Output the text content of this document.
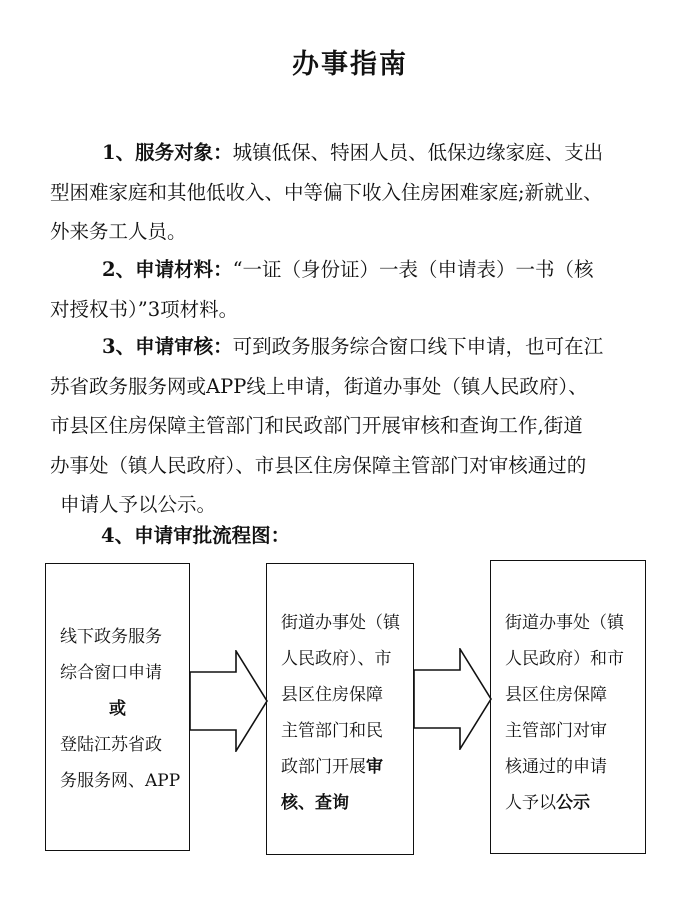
办事指南
1、服务对象：城镇低保、特困人员、低保边缘家庭、支出
型困难家庭和其他低收入、中等偏下收入住房困难家庭;新就业、
外来务工人员。
2、申请材料：“一证（身份证）一表（申请表）一书（核
对授权书）”3项材料。
3、申请审核：可到政务服务综合窗口线下申请，也可在江
苏省政务服务网或APP线上申请，街道办事处（镇人民政府）、
市县区住房保障主管部门和民政部门开展审核和查询工作,街道
办事处（镇人民政府）、市县区住房保障主管部门对审核通过的
申请人予以公示。
4、申请审批流程图：
线下政务服务
综合窗口申请
或
登陆江苏省政
务服务网、APP
街道办事处（镇
人民政府）、市
县区住房保障
主管部门和民
政部门开展审
核、查询
街道办事处（镇
人民政府）和市
县区住房保障
主管部门对审
核通过的申请
人予以公示
